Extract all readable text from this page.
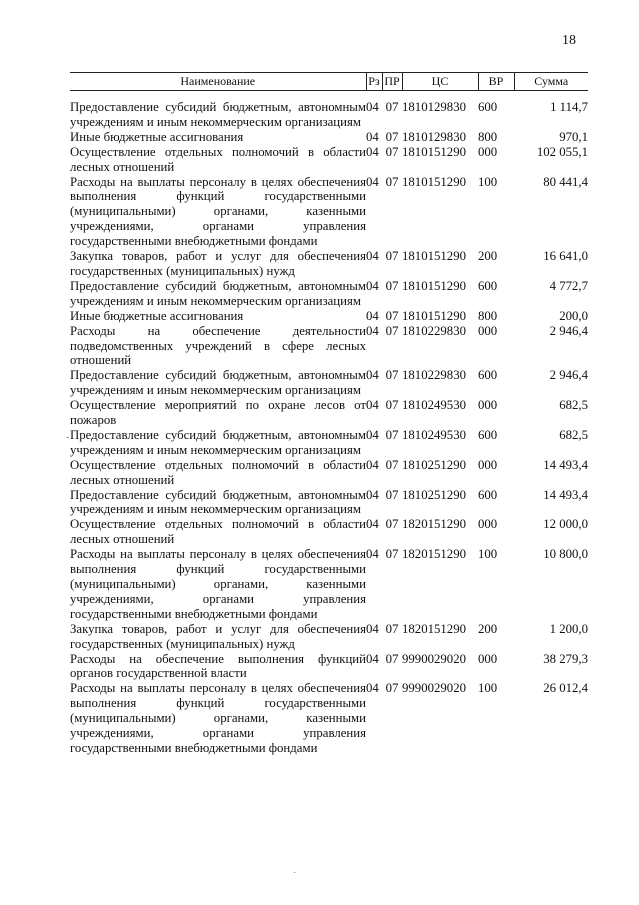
18
Наименование	Рз	ПР	ЦС	ВР	Сумма

Предоставление субсидий бюджетным, автономным учреждениям и иным некоммерческим организациям	04	07	1810129830	600	1 114,7
Иные бюджетные ассигнования	04	07	1810129830	800	970,1
Осуществление отдельных полномочий в области лесных отношений	04	07	1810151290	000	102 055,1
Расходы на выплаты персоналу в целях обеспечения выполнения функций государственными (муниципальными) органами, казенными учреждениями, органами управления государственными внебюджетными фондами	04	07	1810151290	100	80 441,4
Закупка товаров, работ и услуг для обеспечения государственных (муниципальных) нужд	04	07	1810151290	200	16 641,0
Предоставление субсидий бюджетным, автономным учреждениям и иным некоммерческим организациям	04	07	1810151290	600	4 772,7
Иные бюджетные ассигнования	04	07	1810151290	800	200,0
Расходы на обеспечение деятельности подведомственных учреждений в сфере лесных отношений	04	07	1810229830	000	2 946,4
Предоставление субсидий бюджетным, автономным учреждениям и иным некоммерческим организациям	04	07	1810229830	600	2 946,4
Осуществление мероприятий по охране лесов от пожаров	04	07	1810249530	000	682,5
Предоставление субсидий бюджетным, автономным учреждениям и иным некоммерческим организациям	04	07	1810249530	600	682,5
Осуществление отдельных полномочий в области лесных отношений	04	07	1810251290	000	14 493,4
Предоставление субсидий бюджетным, автономным учреждениям и иным некоммерческим организациям	04	07	1810251290	600	14 493,4
Осуществление отдельных полномочий в области лесных отношений	04	07	1820151290	000	12 000,0
Расходы на выплаты персоналу в целях обеспечения выполнения функций государственными (муниципальными) органами, казенными учреждениями, органами управления государственными внебюджетными фондами	04	07	1820151290	100	10 800,0
Закупка товаров, работ и услуг для обеспечения государственных (муниципальных) нужд	04	07	1820151290	200	1 200,0
Расходы на обеспечение выполнения функций органов государственной власти	04	07	9990029020	000	38 279,3
Расходы на выплаты персоналу в целях обеспечения выполнения функций государственными (муниципальными) органами, казенными учреждениями, органами управления государственными внебюджетными фондами	04	07	9990029020	100	26 012,4
‐
·
